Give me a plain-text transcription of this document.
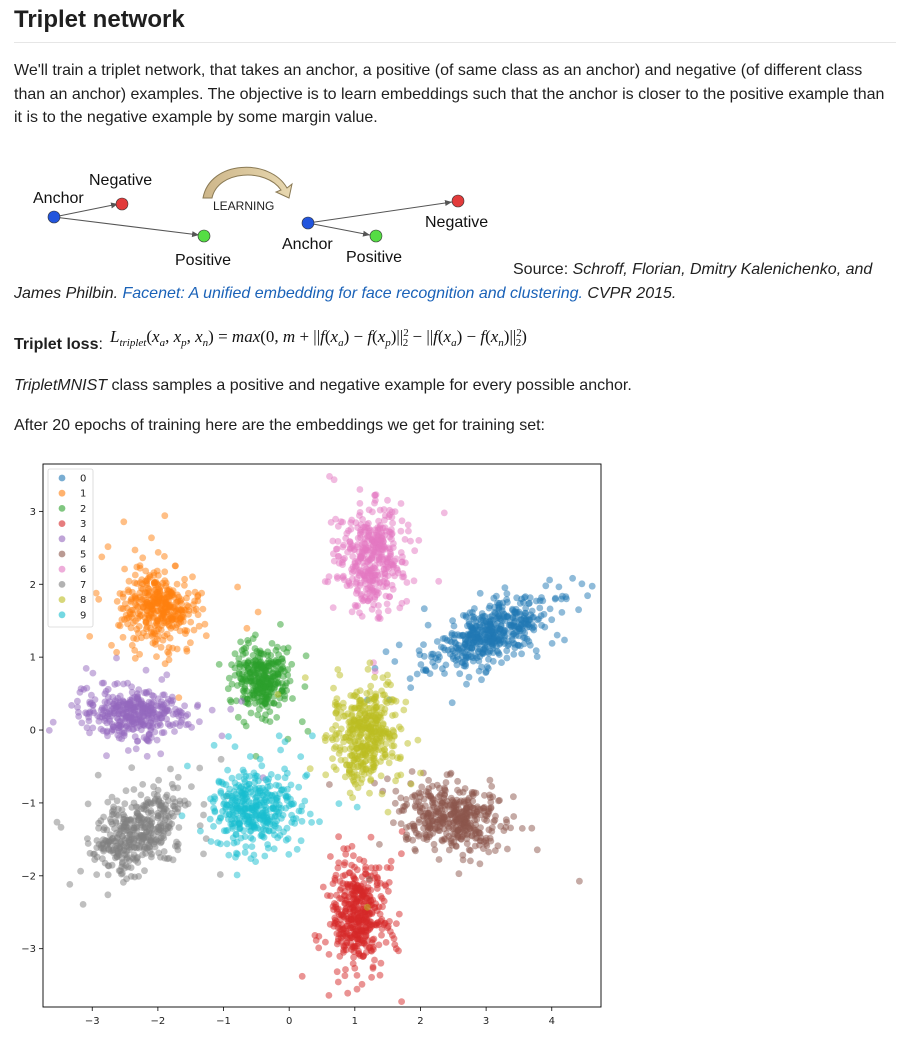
Triplet network

We'll train a triplet network, that takes an anchor, a positive (of same class as an anchor) and negative (of different class than an anchor) examples. The objective is to learn embeddings such that the anchor is closer to the positive example than it is to the negative example by some margin value.

Anchor
Negative
Positive
LEARNING
Anchor
Negative
Positive

Source: Schroff, Florian, Dmitry Kalenichenko, and James Philbin. Facenet: A unified embedding for face recognition and clustering. CVPR 2015.

Triplet loss: $L_{triplet}(x_a$, $x_p$, $x_n) = \max(0$, $m + ||f(x_a) - f(x_p)||^2$ $2 - ||f(x_a) - f(x_n)||^2$ 2)

TripletMNIST class samples a positive and negative example for every possible anchor.

After 20 epochs of training here are the embeddings we get for training set:

−3	−2	−1	0	1	2	3	4
−3
−2
−1
0
1
2
3
0
1
2
3
4
5
6
7
8
9
